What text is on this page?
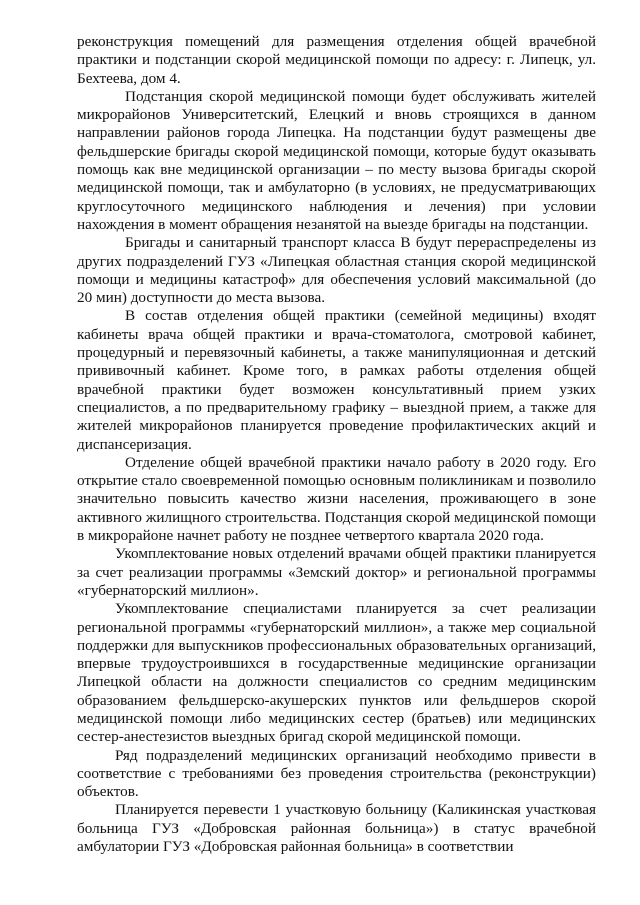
реконструкция помещений для размещения отделения общей врачебной практики и подстанции скорой медицинской помощи по адресу: г. Липецк, ул. Бехтеева, дом 4.

Подстанция скорой медицинской помощи будет обслуживать жителей микрорайонов Университетский, Елецкий и вновь строящихся в данном направлении районов города Липецка. На подстанции будут размещены две фельдшерские бригады скорой медицинской помощи, которые будут оказывать помощь как вне медицинской организации – по месту вызова бригады скорой медицинской помощи, так и амбулаторно (в условиях, не предусматривающих круглосуточного медицинского наблюдения и лечения) при условии нахождения в момент обращения незанятой на выезде бригады на подстанции.

Бригады и санитарный транспорт класса В будут перераспределены из других подразделений ГУЗ «Липецкая областная станция скорой медицинской помощи и медицины катастроф» для обеспечения условий максимальной (до 20 мин) доступности до места вызова.

В состав отделения общей практики (семейной медицины) входят кабинеты врача общей практики и врача-стоматолога, смотровой кабинет, процедурный и перевязочный кабинеты, а также манипуляционная и детский прививочный кабинет. Кроме того, в рамках работы отделения общей врачебной практики будет возможен консультативный прием узких специалистов, а по предварительному графику – выездной прием, а также для жителей микрорайонов планируется проведение профилактических акций и диспансеризация.

Отделение общей врачебной практики начало работу в 2020 году. Его открытие стало своевременной помощью основным поликлиникам и позволило значительно повысить качество жизни населения, проживающего в зоне активного жилищного строительства. Подстанция скорой медицинской помощи в микрорайоне начнет работу не позднее четвертого квартала 2020 года.

Укомплектование новых отделений врачами общей практики планируется за счет реализации программы «Земский доктор» и региональной программы «губернаторский миллион».

Укомплектование специалистами планируется за счет реализации региональной программы «губернаторский миллион», а также мер социальной поддержки для выпускников профессиональных образовательных организаций, впервые трудоустроившихся в государственные медицинские организации Липецкой области на должности специалистов со средним медицинским образованием фельдшерско-акушерских пунктов или фельдшеров скорой медицинской помощи либо медицинских сестер (братьев) или медицинских сестер-анестезистов выездных бригад скорой медицинской помощи.

Ряд подразделений медицинских организаций необходимо привести в соответствие с требованиями без проведения строительства (реконструкции) объектов.

Планируется перевести 1 участковую больницу (Каликинская участковая больница ГУЗ «Добровская районная больница») в статус врачебной амбулатории ГУЗ «Добровская районная больница» в соответствии
